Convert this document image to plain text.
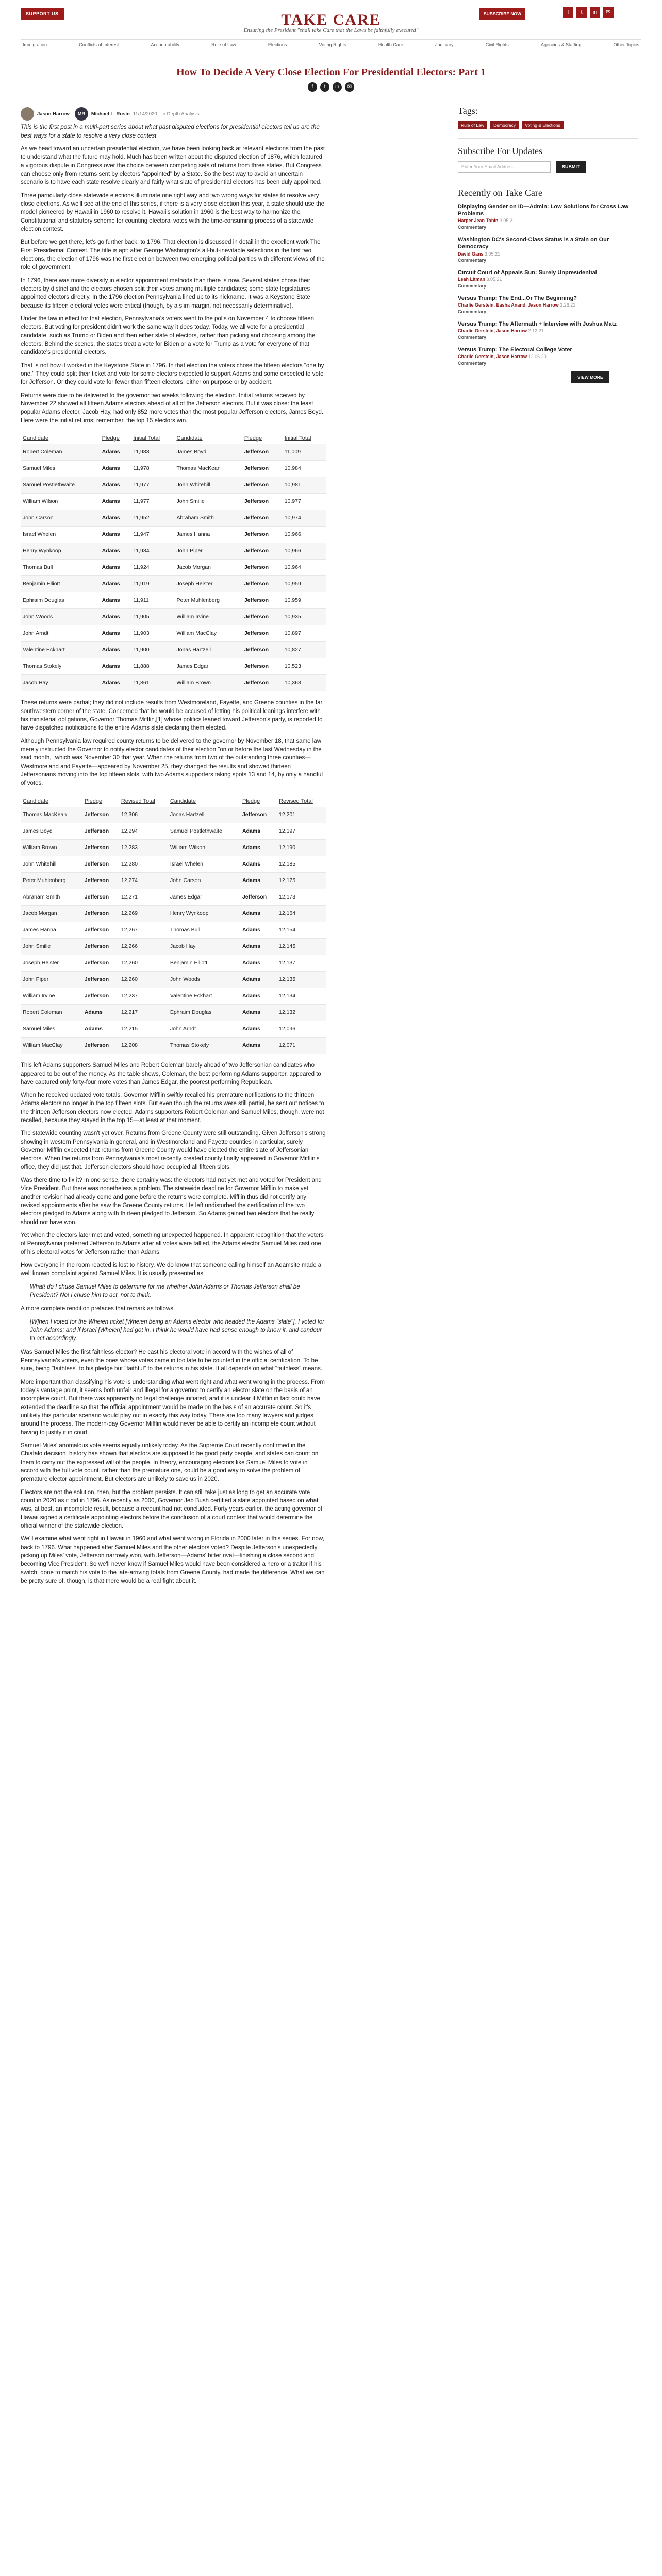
SUPPORT US	TAKE CARE	SUBSCRIBE NOW	f	t	in	✉
Ensuring the President "shall take Care that the Laws be faithfully executed"
Immigration	Conflicts of Interest	Accountability	Rule of Law	Elections	Voting Rights	Health Care	Judiciary	Civil Rights	Agencies & Staffing	Other Topics
How To Decide A Very Close Election For Presidential Electors: Part 1
f	t	in	✉
Jason Harrow	MR	Michael L. Rosin 11/14/2020 · In Depth Analysis

This is the first post in a multi-part series about what past disputed elections for presidential electors tell us are the best ways for a state to resolve a very close contest.

As we head toward an uncertain presidential election, we have been looking back at relevant elections from the past to understand what the future may hold. Much has been written about the disputed election of 1876, which featured a vigorous dispute in Congress over the choice between competing sets of returns from three states. But Congress can choose only from returns sent by electors "appointed" by a State. So the best way to avoid an uncertain scenario is to have each state resolve clearly and fairly what slate of presidential electors has been duly appointed.

Three particularly close statewide elections illuminate one right way and two wrong ways for states to resolve very close elections. As we'll see at the end of this series, if there is a very close election this year, a state should use the model pioneered by Hawaii in 1960 to resolve it. Hawaii's solution in 1960 is the best way to harmonize the Constitutional and statutory scheme for counting electoral votes with the time-consuming process of a statewide election contest.

But before we get there, let's go further back, to 1796. That election is discussed in detail in the excellent work The First Presidential Contest. The title is apt: after George Washington's all-but-inevitable selections in the first two elections, the election of 1796 was the first election between two emerging political parties with different views of the role of government.

In 1796, there was more diversity in elector appointment methods than there is now. Several states chose their electors by district and the electors chosen split their votes among multiple candidates; some state legislatures appointed electors directly. In the 1796 election Pennsylvania lined up to its nickname. It was a Keystone State because its fifteen electoral votes were critical (though, by a slim margin, not necessarily determinative).

Under the law in effect for that election, Pennsylvania's voters went to the polls on November 4 to choose fifteen electors. But voting for president didn't work the same way it does today. Today, we all vote for a presidential candidate, such as Trump or Biden and then either slate of electors, rather than picking and choosing among the electors. Behind the scenes, the states treat a vote for Biden or a vote for Trump as a vote for everyone of that candidate's presidential electors.

That is not how it worked in the Keystone State in 1796. In that election the voters chose the fifteen electors "one by one." They could split their ticket and vote for some electors expected to support Adams and some expected to vote for Jefferson. Or they could vote for fewer than fifteen electors, either on purpose or by accident.

Returns were due to be delivered to the governor two weeks following the election. Initial returns received by November 22 showed all fifteen Adams electors ahead of all of the Jefferson electors. But it was close: the least popular Adams elector, Jacob Hay, had only 852 more votes than the most popular Jefferson electors, James Boyd. Here were the initial returns; remember, the top 15 electors win.

Candidate	Pledge	Initial Total	Candidate	Pledge	Initial Total
Robert Coleman	Adams	11,983	James Boyd	Jefferson	11,009
Samuel Miles	Adams	11,978	Thomas MacKean	Jefferson	10,984
Samuel Postlethwaite	Adams	11,977	John Whitehill	Jefferson	10,981
William Wilson	Adams	11,977	John Smilie	Jefferson	10,977
John Carson	Adams	11,952	Abraham Smith	Jefferson	10,974
Israel Whelen	Adams	11,947	James Hanna	Jefferson	10,966
Henry Wynkoop	Adams	11,934	John Piper	Jefferson	10,966
Thomas Bull	Adams	11,924	Jacob Morgan	Jefferson	10,964
Benjamin Elliott	Adams	11,919	Joseph Heister	Jefferson	10,959
Ephraim Douglas	Adams	11,911	Peter Muhlenberg	Jefferson	10,959
John Woods	Adams	11,905	William Irvine	Jefferson	10,935
John Arndt	Adams	11,903	William MacClay	Jefferson	10,897
Valentine Eckhart	Adams	11,900	Jonas Hartzell	Jefferson	10,827
Thomas Stokely	Adams	11,888	James Edgar	Jefferson	10,523
Jacob Hay	Adams	11,861	William Brown	Jefferson	10,363

These returns were partial; they did not include results from Westmoreland, Fayette, and Greene counties in the far southwestern corner of the state. Concerned that he would be accused of letting his political leanings interfere with his ministerial obligations, Governor Thomas Mifflin,[1] whose politics leaned toward Jefferson's party, is reported to have dispatched notifications to the entire Adams slate declaring them elected.

Although Pennsylvania law required county returns to be delivered to the governor by November 18, that same law merely instructed the Governor to notify elector candidates of their election "on or before the last Wednesday in the said month," which was November 30 that year. When the returns from two of the outstanding three counties—Westmoreland and Fayette—appeared by November 25, they changed the results and showed thirteen Jeffersonians moving into the top fifteen slots, with two Adams supporters taking spots 13 and 14, by only a handful of votes.

Candidate	Pledge	Revised Total	Candidate	Pledge	Revised Total
Thomas MacKean	Jefferson	12,306	Jonas Hartzell	Jefferson	12,201
James Boyd	Jefferson	12,294	Samuel Postlethwaite	Adams	12,197
William Brown	Jefferson	12,283	William Wilson	Adams	12,190
John Whitehill	Jefferson	12,280	Israel Whelen	Adams	12,185
Peter Muhlenberg	Jefferson	12,274	John Carson	Adams	12,175
Abraham Smith	Jefferson	12,271	James Edgar	Jefferson	12,173
Jacob Morgan	Jefferson	12,269	Henry Wynkoop	Adams	12,164
James Hanna	Jefferson	12,267	Thomas Bull	Adams	12,154
John Smilie	Jefferson	12,266	Jacob Hay	Adams	12,145
Joseph Heister	Jefferson	12,260	Benjamin Elliott	Adams	12,137
John Piper	Jefferson	12,260	John Woods	Adams	12,135
William Irvine	Jefferson	12,237	Valentine Eckhart	Adams	12,134
Robert Coleman	Adams	12,217	Ephraim Douglas	Adams	12,132
Samuel Miles	Adams	12,215	John Arndt	Adams	12,096
William MacClay	Jefferson	12,208	Thomas Stokely	Adams	12,071

This left Adams supporters Samuel Miles and Robert Coleman barely ahead of two Jeffersonian candidates who appeared to be out of the money. As the table shows, Coleman, the best performing Adams supporter, appeared to have captured only forty-four more votes than James Edgar, the poorest performing Republican.

When he received updated vote totals, Governor Mifflin swiftly recalled his premature notifications to the thirteen Adams electors no longer in the top fifteen slots. But even though the returns were still partial, he sent out notices to the thirteen Jefferson electors now elected. Adams supporters Robert Coleman and Samuel Miles, though, were not recalled, because they stayed in the top 15—at least at that moment.

The statewide counting wasn't yet over. Returns from Greene County were still outstanding. Given Jefferson's strong showing in western Pennsylvania in general, and in Westmoreland and Fayette counties in particular, surely Governor Mifflin expected that returns from Greene County would have elected the entire slate of Jeffersonian electors. When the returns from Pennsylvania's most recently created county finally appeared in Governor Mifflin's office, they did just that. Jefferson electors should have occupied all fifteen slots.

Was there time to fix it? In one sense, there certainly was: the electors had not yet met and voted for President and Vice President. But there was nonetheless a problem. The statewide deadline for Governor Mifflin to make yet another revision had already come and gone before the returns were complete. Mifflin thus did not certify any revised appointments after he saw the Greene County returns. He left undisturbed the certification of the two electors pledged to Adams along with thirteen pledged to Jefferson. So Adams gained two electors that he really should not have won.

Yet when the electors later met and voted, something unexpected happened. In apparent recognition that the voters of Pennsylvania preferred Jefferson to Adams after all votes were tallied, the Adams elector Samuel Miles cast one of his electoral votes for Jefferson rather than Adams.

How everyone in the room reacted is lost to history. We do know that someone calling himself an Adamsite made a well known complaint against Samuel Miles. It is usually presented as

What! do I chuse Samuel Miles to determine for me whether John Adams or Thomas Jefferson shall be President? No! I chuse him to act, not to think.

A more complete rendition prefaces that remark as follows.

[W]hen I voted for the Wheien ticket [Wheien being an Adams elector who headed the Adams "slate"], I voted for John Adams; and if Israel [Wheien] had got in, I think he would have had sense enough to know it, and candour to act accordingly.

Was Samuel Miles the first faithless elector? He cast his electoral vote in accord with the wishes of all of Pennsylvania's voters, even the ones whose votes came in too late to be counted in the official certification. To be sure, being "faithless" to his pledge but "faithful" to the returns in his state. It all depends on what "faithless" means.

More important than classifying his vote is understanding what went right and what went wrong in the process. From today's vantage point, it seems both unfair and illegal for a governor to certify an elector slate on the basis of an incomplete count. But there was apparently no legal challenge initiated, and it is unclear if Mifflin in fact could have extended the deadline so that the official appointment would be made on the basis of an accurate count. So it's unlikely this particular scenario would play out in exactly this way today. There are too many lawyers and judges around the process. The modern-day Governor Mifflin would never be able to certify an incomplete count without having to justify it in court.

Samuel Miles' anomalous vote seems equally unlikely today. As the Supreme Court recently confirmed in the Chiafalo decision, history has shown that electors are supposed to be good party people, and states can count on them to carry out the expressed will of the people. In theory, encouraging electors like Samuel Miles to vote in accord with the full vote count, rather than the premature one, could be a good way to solve the problem of premature elector appointment. But electors are unlikely to save us in 2020.

Electors are not the solution, then, but the problem persists. It can still take just as long to get an accurate vote count in 2020 as it did in 1796. As recently as 2000, Governor Jeb Bush certified a slate appointed based on what was, at best, an incomplete result, because a recount had not concluded. Forty years earlier, the acting governor of Hawaii signed a certificate appointing electors before the conclusion of a court contest that would determine the official winner of the statewide election.

We'll examine what went right in Hawaii in 1960 and what went wrong in Florida in 2000 later in this series. For now, back to 1796. What happened after Samuel Miles and the other electors voted? Despite Jefferson's unexpectedly picking up Miles' vote, Jefferson narrowly won, with Jefferson—Adams' bitter rival—finishing a close second and becoming Vice President. So we'll never know if Samuel Miles would have been considered a hero or a traitor if his switch, done to match his vote to the late-arriving totals from Greene County, had made the difference. What we can be pretty sure of, though, is that there would be a real fight about it.

Tags:
Rule of Law Democracy Voting & Elections
Subscribe For Updates
Enter Your Email Address	SUBMIT
Recently on Take Care
Displaying Gender on ID—Admin: Low Solutions for Cross Law Problems
Harper Jean Tobin 3.05.21
Commentary
Washington DC's Second-Class Status is a Stain on Our Democracy
David Gans 3.05.21
Commentary
Circuit Court of Appeals Sun: Surely Unpresidential
Leah Litman 3.05.21
Commentary
Versus Trump: The End...Or The Beginning?
Charlie Gerstein, Easha Anand, Jason Harrow 2.26.21
Commentary
Versus Trump: The Aftermath + Interview with Joshua Matz
Charlie Gerstein, Jason Harrow 2.12.21
Commentary
Versus Trump: The Electoral College Voter
Charlie Gerstein, Jason Harrow 12.06.20
Commentary
VIEW MORE
